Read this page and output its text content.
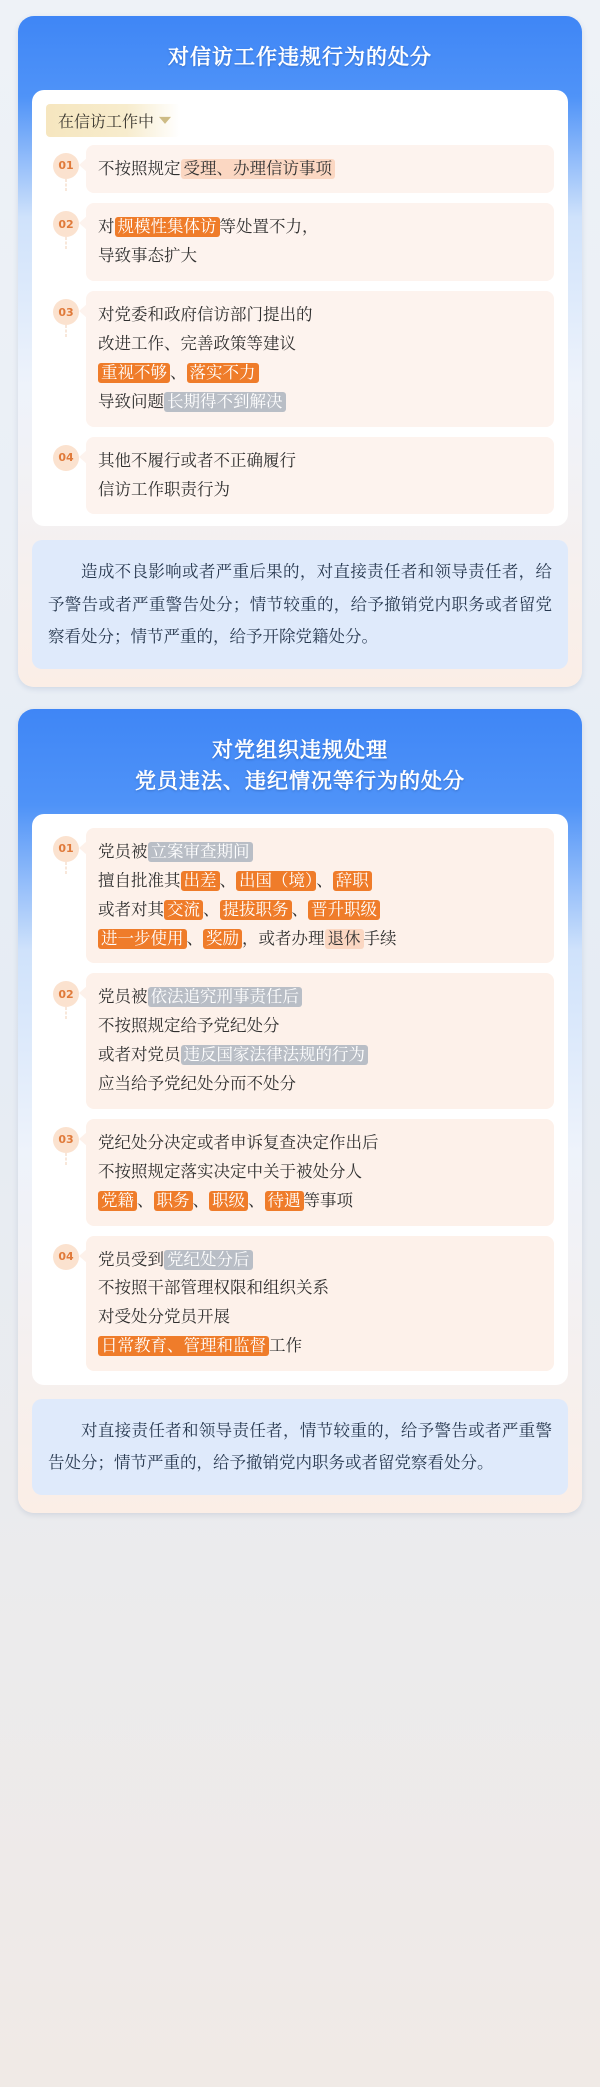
对信访工作违规行为的处分
在信访工作中
01	不按照规定 受理、办理信访事项
02	对 规模性集体访 等处置不力，
导致事态扩大
03	对党委和政府信访部门提出的
改进工作、完善政策等建议
重视不够 、 落实不力
导致问题 长期得不到解决
04	其他不履行或者不正确履行
信访工作职责行为
造成不良影响或者严重后果的，对直接责任者和领导责任者，给予警告或者严重警告处分；情节较重的，给予撤销党内职务或者留党察看处分；情节严重的，给予开除党籍处分。
对党组织违规处理
党员违法、违纪情况等行为的处分
01	党员被 立案审查期间
擅自批准其 出差 、 出国（境） 、 辞职
或者对其 交流 、 提拔职务 、 晋升职级
进一步使用 、 奖励 ，或者办理 退休 手续
02	党员被 依法追究刑事责任后
不按照规定给予党纪处分
或者对党员 违反国家法律法规的行为
应当给予党纪处分而不处分
03	党纪处分决定或者申诉复查决定作出后
不按照规定落实决定中关于被处分人
党籍 、 职务 、 职级 、 待遇 等事项
04	党员受到 党纪处分后
不按照干部管理权限和组织关系
对受处分党员开展
日常教育、管理和监督 工作
对直接责任者和领导责任者，情节较重的，给予警告或者严重警告处分；情节严重的，给予撤销党内职务或者留党察看处分。
